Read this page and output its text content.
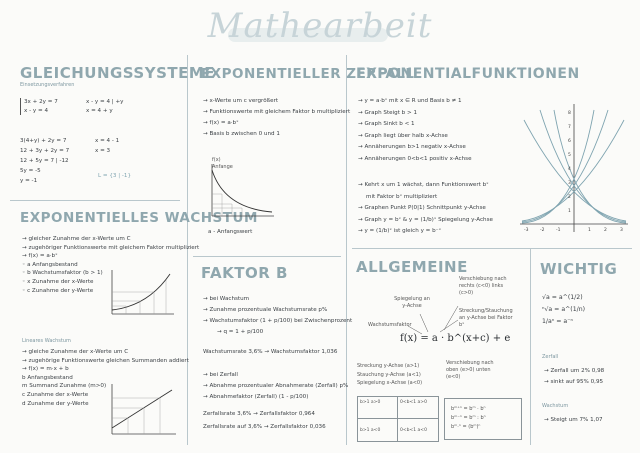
Mathearbeit
GLEICHUNGSSYSTEME
Einsetzungsverfahren
3x + 2y = 7
x - y = 4
x - y = 4 | +y
x = 4 + y
3(4+y) + 2y = 7
12 + 3y + 2y = 7
12 + 5y = 7 | -12
5y = -5
y = -1
x = 4 - 1
x = 3
L = {3 | -1}
EXPONENTIELLES WACHSTUM
→ gleicher Zunahme der x-Werte um C
→ zugehöriger Funktionswerte mit gleichem Faktor multipliziert
→ f(x) = a·bˣ
◦ a Anfangsbestand
◦ b Wachstumsfaktor (b > 1)
◦ x Zunahme der x-Werte
◦ c Zunahme der y-Werte
Lineares Wachstum
→ gleiche Zunahme der x-Werte um C
→ zugehörige Funktionswerte gleichen Summanden addiert
→ f(x) = m·x + b
b Anfangsbestand
m Summand Zunahme (m>0)
c Zunahme der x-Werte
d Zunahme der y-Werte
EXPONENTIELLER ZERFALL
→ x-Werte um c vergrößert
→ Funktionswerte mit gleichem Faktor b multipliziert
→ f(x) = a·bˣ
→ Basis b zwischen 0 und 1
f(x)
Anfange
a - Anfangswert
FAKTOR B
→ bei Wachstum
→ Zunahme prozentuale Wachstumsrate p%
→ Wachstumsfaktor (1 + p/100) bei Zwischenprozent
→ q = 1 + p/100
Wachstumsrate 3,6% → Wachstumsfaktor 1,036
→ bei Zerfall
→ Abnahme prozentualer Abnahmerate (Zerfall) p%
→ Abnahmefaktor (Zerfall) (1 - p/100)
Zerfallsrate 3,6% → Zerfallsfaktor 0,964
Zerfallsrate auf 3,6% → Zerfallsfaktor 0,036
EXPONENTIALFUNKTIONEN
→ y = a·bˣ mit x ∈ R und Basis b ≠ 1
→ Graph Steigt b > 1
→ Graph Sinkt b < 1
→ Graph liegt über halb x-Achse
→ Annäherungen b>1 negativ x-Achse
→ Annäherungen 0<b<1 positiv x-Achse
→ Kehrt x um 1 wächst, dann Funktionswert bˣ
mit Faktor bˣ multipliziert
→ Graphen Punkt P(0|1) Schnittpunkt y-Achse
→ Graph y = bˣ & y = (1/b)ˣ Spiegelung y-Achse
→ y = (1/b)ˣ ist gleich y = b⁻ˣ	-3	-2	-1	1	2	3
1
2
3
4
5
6
7
8
ALLGEMEINE
Spiegelung an y-Achse
Wachstumsfaktor
Verschiebung nach rechts (c<0) links (c>0)
Streckung/Stauchung an y-Achse bei Faktor bˣ
Verschiebung nach oben (e>0) unten (e<0)
f(x) = a · b^(x+c) + e
Streckung y-Achse (a>1)
Stauchung y-Achse (a<1)
Spiegelung x-Achse (a<0)
b>1 a>0	0<b<1 a>0
b>1 a<0	0<b<1 a<0
bᵐ⁺ⁿ = bᵐ · bⁿ
bᵐ⁻ⁿ = bᵐ : bⁿ
bᵐ·ⁿ = (bᵐ)ⁿ
WICHTIG
√a = a^(1/2)
ⁿ√a = a^(1/n)
1/aⁿ = a⁻ⁿ
Zerfall
→ Zerfall um 2% 0,98
→ sinkt auf 95% 0,95
Wachstum
→ Steigt um 7% 1,07
